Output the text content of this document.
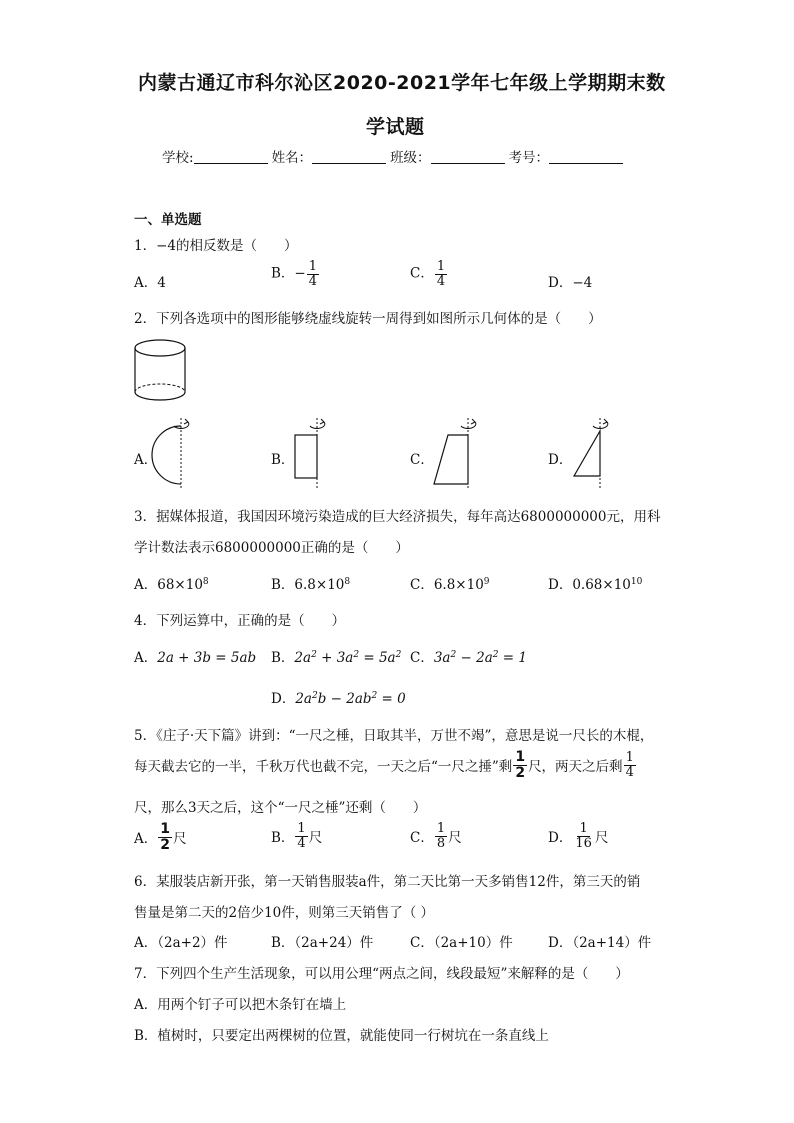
内蒙古通辽市科尔沁区2020-2021学年七年级上学期期末数
学试题
学校:	姓名：	班级：	考号：
一、单选题
1．−4的相反数是（　　）
A．4
B．− $\frac{1}{4}$	C． $\frac{1}{4}$	D．−4
2．下列各选项中的图形能够绕虚线旋转一周得到如图所示几何体的是（　　）
A．	B．	C．	D．
3．据媒体报道，我国因环境污染造成的巨大经济损失，每年高达6800000000元，用科
学计数法表示6800000000正确的是（　　）
A．$68\times 10^8$	B．$6.8\times 10^8$	C．$6.8\times 10^9$	D．$0.68\times 10^{10}$
4．下列运算中，正确的是（　　）
A．2a + 3b = 5ab B．$2a^2 + 3a^2 = 5a^2$ C．$3a^2 - 2a^2 = 1$
D．$2a^2b - 2ab^2 = 0$
5．《庄子·天下篇》讲到：“一尺之棰，日取其半，万世不竭”，意思是说一尺长的木棍，
每天截去它的一半，千秋万代也截不完，一天之后“一尺之捶”剩 $\frac{1}{2}$ 尺，两天之后剩 $\frac{1}{4}$
尺，那么3天之后，这个“一尺之棰”还剩（　　）
A． $\frac{1}{2}$ 尺	B． $\frac{1}{4}$ 尺	C． $\frac{1}{8}$ 尺	D． $\frac{1}{16}$ 尺
6．某服装店新开张，第一天销售服装a件，第二天比第一天多销售12件，第三天的销
售量是第二天的2倍少10件，则第三天销售了（ ）
A．（2a+2）件	B．（2a+24）件	C．（2a+10）件	D．（2a+14）件
7．下列四个生产生活现象，可以用公理“两点之间，线段最短”来解释的是（　　）
A．用两个钉子可以把木条钉在墙上
B．植树时，只要定出两棵树的位置，就能使同一行树坑在一条直线上
